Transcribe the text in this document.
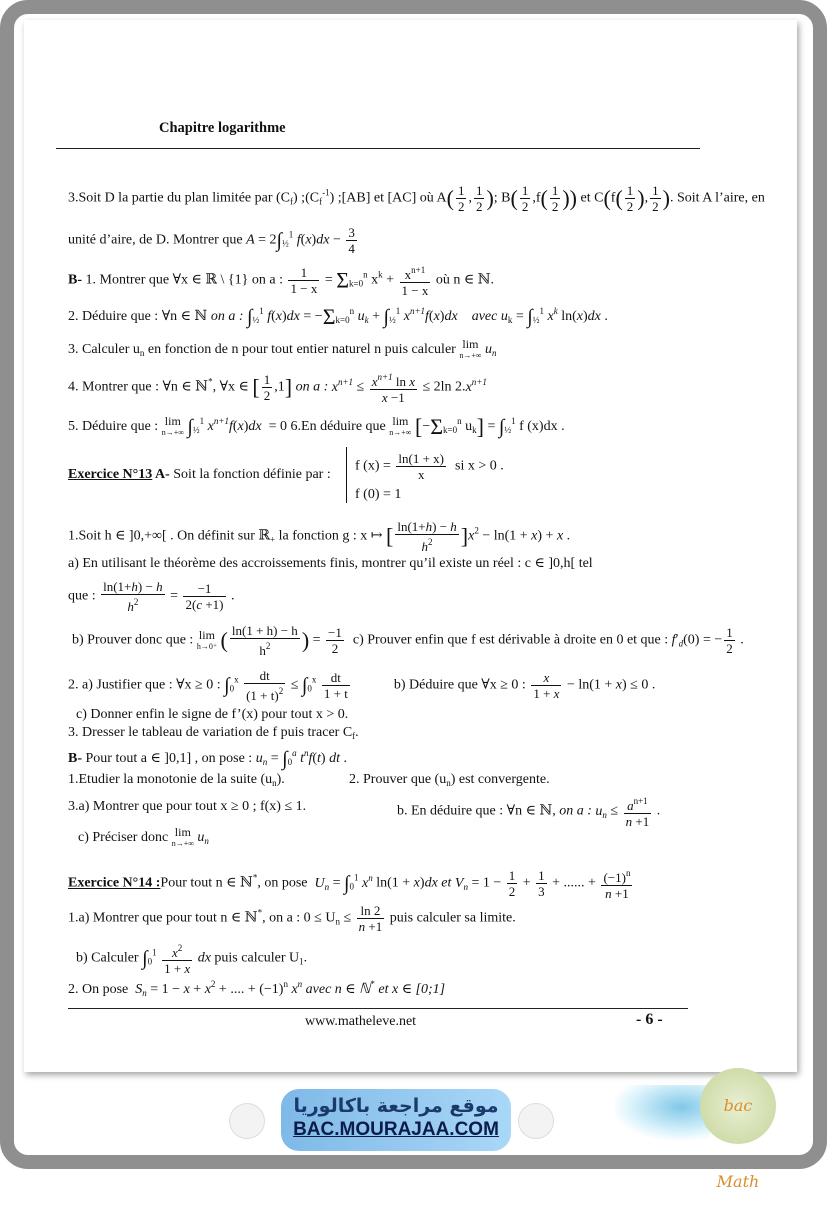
Chapitre logarithme
3.Soit D la partie du plan limitée par $(C_f)$ $;(C_f^{-1})$ ;[AB] et [AC] où $A( \frac{1}{2}$ , $\frac{1}{2}$ ); $B( \frac{1}{2} ,f( \frac{1}{2}$ )) et $C(f( \frac{1}{2}$ ), $\frac{1}{2}$ ). Soit A l’aire, en
unité d’aire, de D. Montrer que $A = 2\int_{\frac{1}{2}}^1$ $f(x)dx - \frac{3}{4}$
B- 1. Montrer que ∀x ∈ ℝ \ {1} on a : $\frac{1}{1 - x} = \Sigma_{k=0}^n$ $x^k + \frac{x^{n+1}}{1 - x}$ où n ∈ ℕ.
2. Déduire que : ∀n ∈ ℕ on a : $\int_{\frac{1}{2}}^1$ $f(x)dx = -\Sigma_{k=0}^n$ $u_k + \int_{\frac{1}{2}}^1$ $x^{n+1}f(x)dx$ avec $u_k = \int_{\frac{1}{2}}^1$ $x^k$ ln(x)dx .
3. Calculer $u_n$ en fonction de n pour tout entier naturel n puis calculer lim
n→+∞ $u_n$
4. Montrer que : ∀n ∈ ℕ*, ∀x ∈ [ $\frac{1}{2} ,1$] on a : $x^{n+1} \le \frac{x^{n+1} \ln x}{x -1} \le 2\ln$ $2.x^{n+1}$
5. Déduire que : lim
n→+∞ $\int_{\frac{1}{2}}^1$ $x^{n+1}f(x)dx = 0$ 6.En déduire que lim
n→+∞ [$-\Sigma_{k=0}^n$ $u_k] = \int_{\frac{1}{2}}^1$ f (x)dx .
Exercice N°13 A- Soit la fonction définie par :
f $(x) = \frac{\ln(1 + x)}{x}$ si x > 0 .
f (0) = 1
1.Soit h ∈ ]0,+∞[ . On définit sur ℝ$_+$ la fonction g : x ↦ [ $\frac{\ln(1+h) - h}{h^2} ]x^2 - \ln(1 + x) + x$ .
a) En utilisant le théorème des accroissements finis, montrer qu’il existe un réel : c ∈ ]0,h[ tel
que : $\frac{\ln(1+h) - h}{h^2} = \frac{-1}{2(c +1)}$ .
b) Prouver donc que : lim
h→0⁺ ( $\frac{\ln(1 + h) - h}{h^2}$ ) = $\frac{-1}{2} c$) Prouver enfin que f est dérivable à droite en 0 et que : $f'_d(0)$ = − $\frac{1}{2}$ .
2. a) Justifier que : ∀x ≥ 0 : $\int_0^x \frac{dt}{(1 + t)^2} \le \int_0^x \frac{dt}{1 + t}$	b) Déduire que ∀x ≥ 0 : $\frac{x}{1 + x} - \ln(1 + x) \le 0$ .
c) Donner enfin le signe de f’(x) pour tout x > 0.
3. Dresser le tableau de variation de f puis tracer $C_f$.
B- Pour tout a ∈ ]0,1] , on pose : $u_n = \int_0^a$ $t^nf(t)$ dt .
1.Etudier la monotonie de la suite $(u_n)$.	2. Prouver que $(u_n)$ est convergente.
3.a) Montrer que pour tout x ≥ 0 ; f(x) ≤ 1.	b. En déduire que : ∀n ∈ ℕ, on a : $u_n \le \frac{a^{n+1}}{n +1}$ .
c) Préciser donc lim
n→+∞ $u_n$
Exercice N°14 :Pour tout n ∈ ℕ*, on pose $U_n = \int_0^1$ $x^n$ ln(1 + x)dx et $V_n = 1 - \frac{1}{2} + \frac{1}{3}$ + ...... + $\frac{(-1)^n}{n +1}$
1.a) Montrer que pour tout n ∈ ℕ*, on a : $0 \le U_n \le \frac{\ln 2}{n +1}$ puis calculer sa limite.
b) Calculer $\int_0^1 \frac{x^2}{1 + x}$ dx puis calculer $U_1$.
2. On pose $S_n = 1 - x + x^2$ + .... + $(-1)^n$ $x^n$ avec n ∈ ℕ* et x ∈ [0;1]
www.matheleve.net	- 6 -
موقع مراجعة باكالوريا
BAC.MOURAJAA.COM
bac Math
